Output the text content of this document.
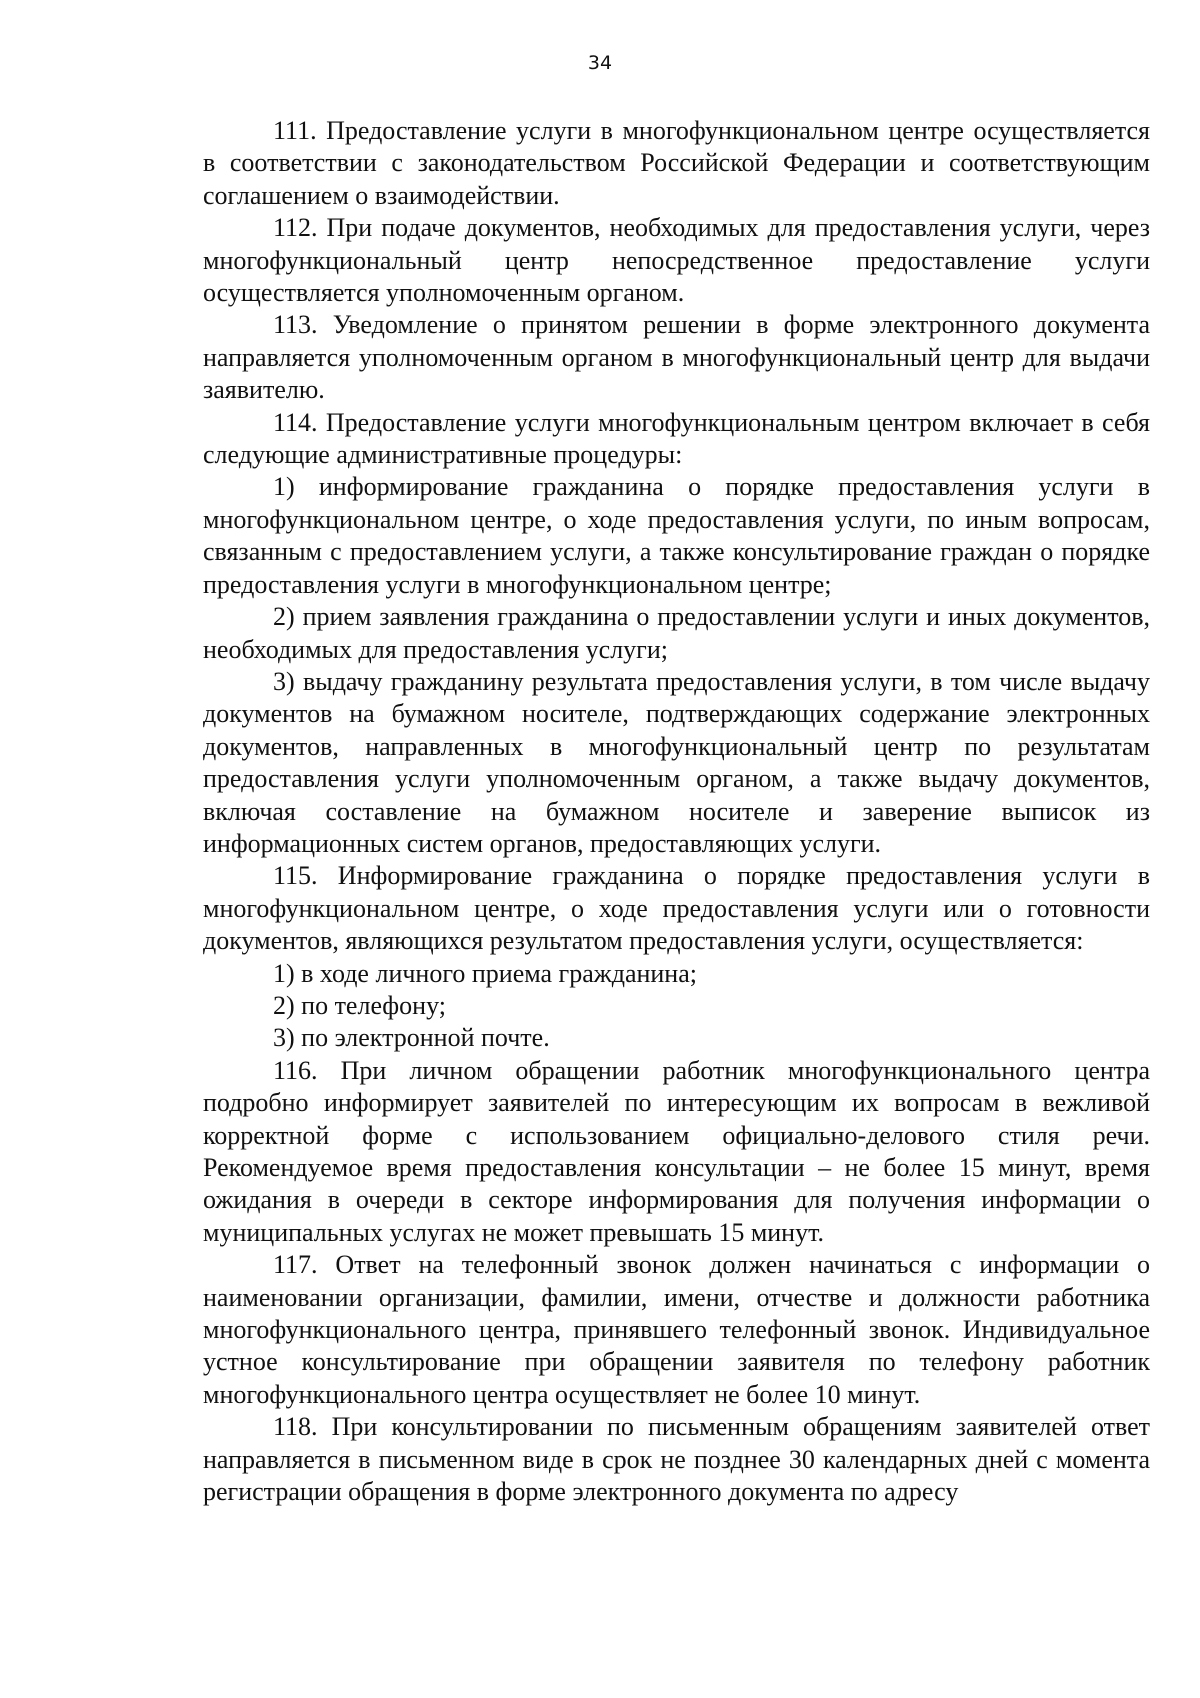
34

111. Предоставление услуги в многофункциональном центре осуществляется в соответствии с законодательством Российской Федерации и соответствующим соглашением о взаимодействии.

112. При подаче документов, необходимых для предоставления услуги, через многофункциональный центр непосредственное предоставление услуги осуществляется уполномоченным органом.

113. Уведомление о принятом решении в форме электронного документа направляется уполномоченным органом в многофункциональный центр для выдачи заявителю.

114. Предоставление услуги многофункциональным центром включает в себя следующие административные процедуры:

1) информирование гражданина о порядке предоставления услуги в многофункциональном центре, о ходе предоставления услуги, по иным вопросам, связанным с предоставлением услуги, а также консультирование граждан о порядке предоставления услуги в многофункциональном центре;

2) прием заявления гражданина о предоставлении услуги и иных документов, необходимых для предоставления услуги;

3) выдачу гражданину результата предоставления услуги, в том числе выдачу документов на бумажном носителе, подтверждающих содержание электронных документов, направленных в многофункциональный центр по результатам предоставления услуги уполномоченным органом, а также выдачу документов, включая составление на бумажном носителе и заверение выписок из информационных систем органов, предоставляющих услуги.

115. Информирование гражданина о порядке предоставления услуги в многофункциональном центре, о ходе предоставления услуги или о готовности документов, являющихся результатом предоставления услуги, осуществляется:

1) в ходе личного приема гражданина;

2) по телефону;

3) по электронной почте.

116. При личном обращении работник многофункционального центра подробно информирует заявителей по интересующим их вопросам в вежливой корректной форме с использованием официально-делового стиля речи. Рекомендуемое время предоставления консультации – не более 15 минут, время ожидания в очереди в секторе информирования для получения информации о муниципальных услугах не может превышать 15 минут.

117. Ответ на телефонный звонок должен начинаться с информации о наименовании организации, фамилии, имени, отчестве и должности работника многофункционального центра, принявшего телефонный звонок. Индивидуальное устное консультирование при обращении заявителя по телефону работник многофункционального центра осуществляет не более 10 минут.

118. При консультировании по письменным обращениям заявителей ответ направляется в письменном виде в срок не позднее 30 календарных дней с момента регистрации обращения в форме электронного документа по адресу
